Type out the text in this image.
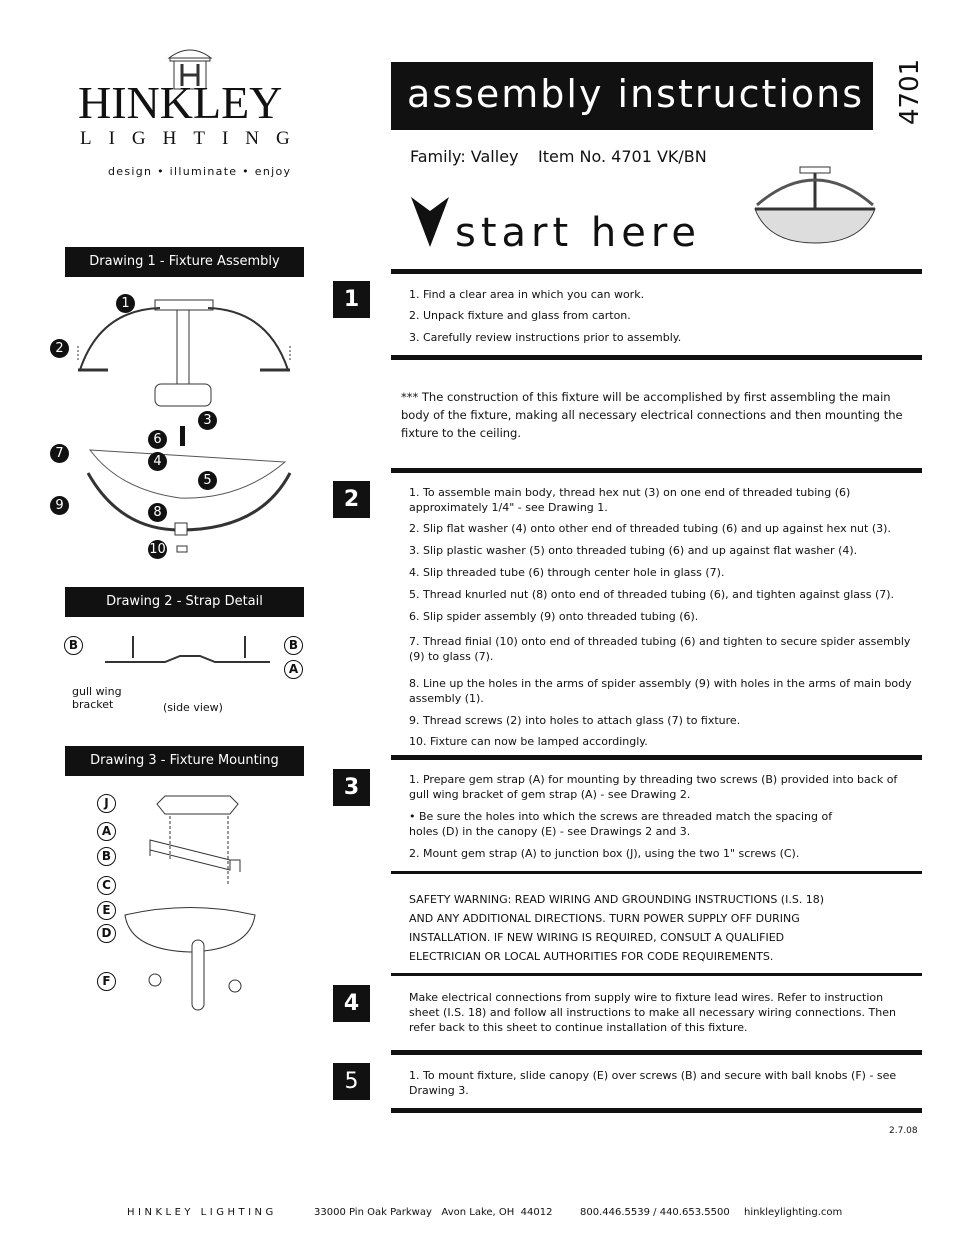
HINKLEY
LIGHTING
design • illuminate • enjoy
assembly instructions	4701
Family: Valley Item No. 4701 VK/BN
start here
1	1. Find a clear area in which you can work.
2. Unpack fixture and glass from carton.
3. Carefully review instructions prior to assembly.
*** The construction of this fixture will be accomplished by first assembling the main body of the fixture, making all necessary electrical connections and then mounting the fixture to the ceiling.
2	1. To assemble main body, thread hex nut (3) on one end of threaded tubing (6) approximately 1/4" - see Drawing 1.
2. Slip flat washer (4) onto other end of threaded tubing (6) and up against hex nut (3).
3. Slip plastic washer (5) onto threaded tubing (6) and up against flat washer (4).
4. Slip threaded tube (6) through center hole in glass (7).
5. Thread knurled nut (8) onto end of threaded tubing (6), and tighten against glass (7).
6. Slip spider assembly (9) onto threaded tubing (6).
7. Thread finial (10) onto end of threaded tubing (6) and tighten to secure spider assembly (9) to glass (7).
8. Line up the holes in the arms of spider assembly (9) with holes in the arms of main body assembly (1).
9. Thread screws (2) into holes to attach glass (7) to fixture.
10. Fixture can now be lamped accordingly.
3	1. Prepare gem strap (A) for mounting by threading two screws (B) provided into back of gull wing bracket of gem strap (A) - see Drawing 2.
• Be sure the holes into which the screws are threaded match the spacing of holes (D) in the canopy (E) - see Drawings 2 and 3.
2. Mount gem strap (A) to junction box (J), using the two 1" screws (C).
SAFETY WARNING: READ WIRING AND GROUNDING INSTRUCTIONS (I.S. 18)
AND ANY ADDITIONAL DIRECTIONS. TURN POWER SUPPLY OFF DURING
INSTALLATION. IF NEW WIRING IS REQUIRED, CONSULT A QUALIFIED
ELECTRICIAN OR LOCAL AUTHORITIES FOR CODE REQUIREMENTS.
4	Make electrical connections from supply wire to fixture lead wires. Refer to instruction sheet (I.S. 18) and follow all instructions to make all necessary wiring connections. Then refer back to this sheet to continue installation of this fixture.
5	1. To mount fixture, slide canopy (E) over screws (B) and secure with ball knobs (F) - see Drawing 3.
2.7.08
Drawing 1 - Fixture Assembly
1
2
3
6
4
7
5
9	8
10
Drawing 2 - Strap Detail
B	B
A
gull wing bracket	(side view)
Drawing 3 - Fixture Mounting
J
A
B
C
E
D
F
HINKLEY LIGHTING	33000 Pin Oak Parkway   Avon Lake, OH  44012	800.446.5539 / 440.653.5500 hinkleylighting.com
